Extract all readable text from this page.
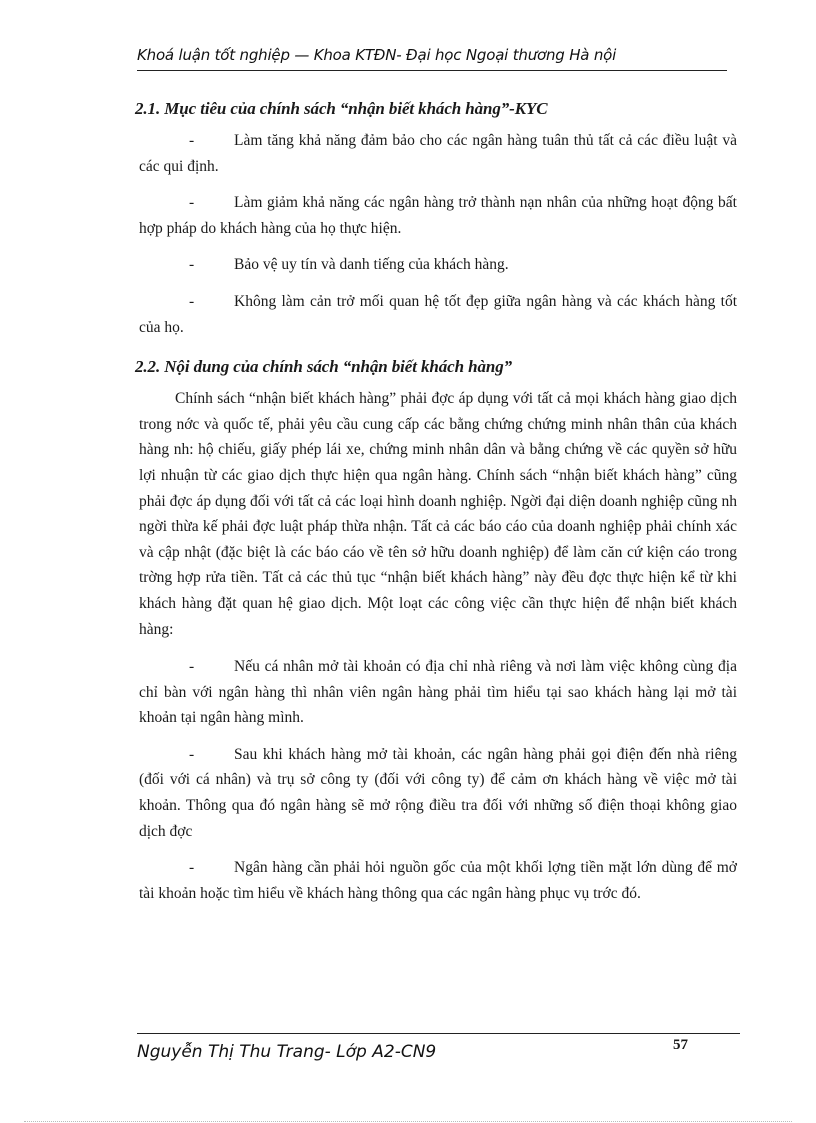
Khoá luận tốt nghiệp — Khoa KTĐN- Đại học Ngoại thương Hà nội
2.1. Mục tiêu của chính sách “nhận biết khách hàng”-KYC
-	Làm tăng khả năng đảm bảo cho các ngân hàng tuân thủ tất cả các điều luật và các qui định.
-	Làm giảm khả năng các ngân hàng trở thành nạn nhân của những hoạt động bất hợp pháp do khách hàng của họ thực hiện.
-	Bảo vệ uy tín và danh tiếng của khách hàng.
-	Không làm cản trở mối quan hệ tốt đẹp giữa ngân hàng và các khách hàng tốt của họ.
2.2. Nội dung của chính sách “nhận biết khách hàng”
Chính sách “nhận biết khách hàng” phải đợc áp dụng với tất cả mọi khách hàng giao dịch trong nớc và quốc tế, phải yêu cầu cung cấp các bằng chứng chứng minh nhân thân của khách hàng nh: hộ chiếu, giấy phép lái xe, chứng minh nhân dân và bằng chứng về các quyền sở hữu lợi nhuận từ các giao dịch thực hiện qua ngân hàng. Chính sách “nhận biết khách hàng” cũng phải đợc áp dụng đối với tất cả các loại hình doanh nghiệp. Ngời đại diện doanh nghiệp cũng nh ngời thừa kế phải đợc luật pháp thừa nhận. Tất cả các báo cáo của doanh nghiệp phải chính xác và cập nhật (đặc biệt là các báo cáo về tên sở hữu doanh nghiệp) để làm căn cứ kiện cáo trong trờng hợp rửa tiền. Tất cả các thủ tục “nhận biết khách hàng” này đều đợc thực hiện kể từ khi khách hàng đặt quan hệ giao dịch. Một loạt các công việc cần thực hiện để nhận biết khách hàng:
-	Nếu cá nhân mở tài khoản có địa chỉ nhà riêng và nơi làm việc không cùng địa chỉ bàn với ngân hàng thì nhân viên ngân hàng phải tìm hiểu tại sao khách hàng lại mở tài khoản tại ngân hàng mình.
-	Sau khi khách hàng mở tài khoản, các ngân hàng phải gọi điện đến nhà riêng (đối với cá nhân) và trụ sở công ty (đối với công ty) để cảm ơn khách hàng về việc mở tài khoản. Thông qua đó ngân hàng sẽ mở rộng điều tra đối với những số điện thoại không giao dịch đợc
-	Ngân hàng cần phải hỏi nguồn gốc của một khối lợng tiền mặt lớn dùng để mở tài khoản hoặc tìm hiểu về khách hàng thông qua các ngân hàng phục vụ trớc đó.
Nguyễn Thị Thu Trang- Lớp A2-CN9	57
